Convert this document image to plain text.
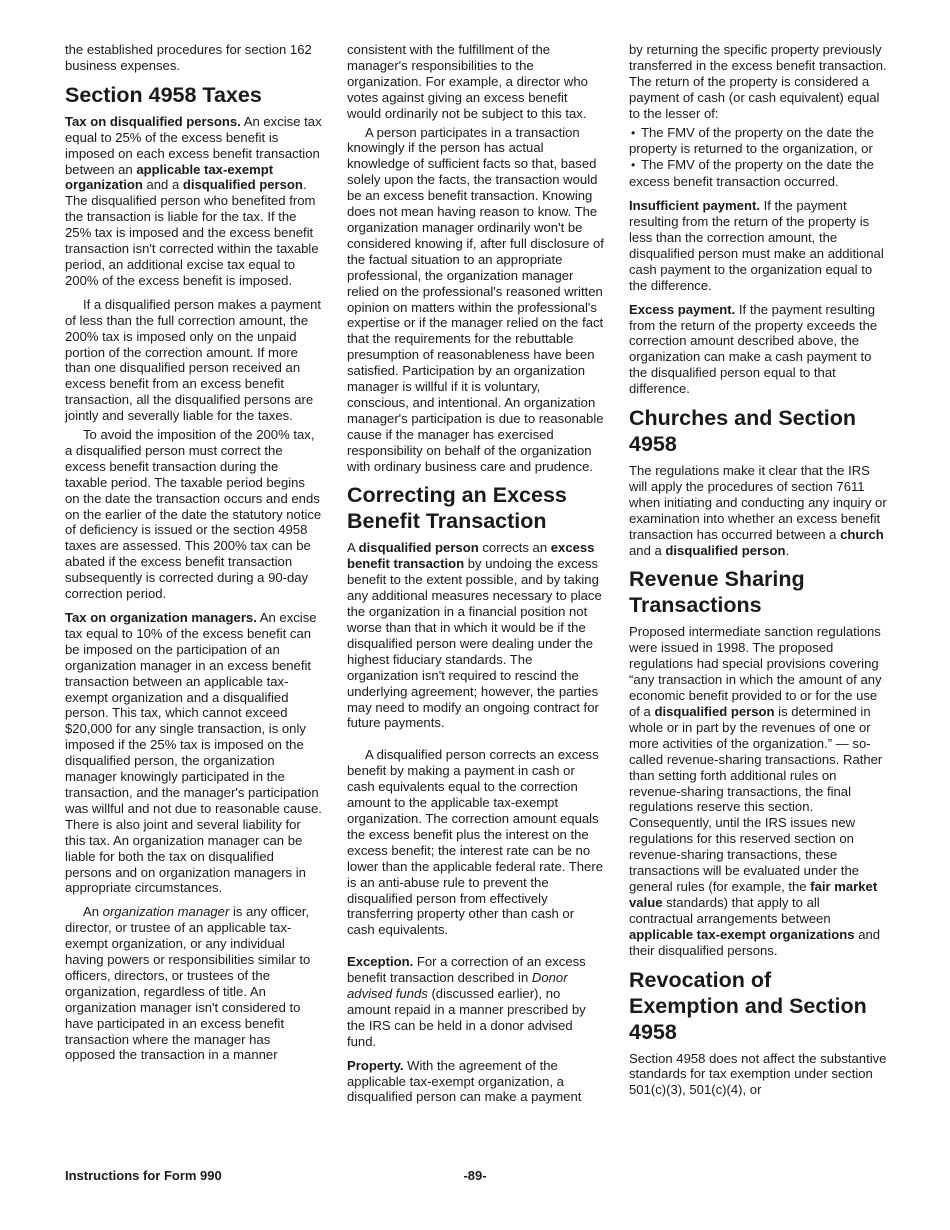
the established procedures for section 162 business expenses.

Section 4958 Taxes

Tax on disqualified persons. An excise tax equal to 25% of the excess benefit is imposed on each excess benefit transaction between an applicable tax-exempt organization and a disqualified person. The disqualified person who benefited from the transaction is liable for the tax. If the 25% tax is imposed and the excess benefit transaction isn't corrected within the taxable period, an additional excise tax equal to 200% of the excess benefit is imposed.

If a disqualified person makes a payment of less than the full correction amount, the 200% tax is imposed only on the unpaid portion of the correction amount. If more than one disqualified person received an excess benefit from an excess benefit transaction, all the disqualified persons are jointly and severally liable for the taxes.

To avoid the imposition of the 200% tax, a disqualified person must correct the excess benefit transaction during the taxable period. The taxable period begins on the date the transaction occurs and ends on the earlier of the date the statutory notice of deficiency is issued or the section 4958 taxes are assessed. This 200% tax can be abated if the excess benefit transaction subsequently is corrected during a 90-day correction period.

Tax on organization managers. An excise tax equal to 10% of the excess benefit can be imposed on the participation of an organization manager in an excess benefit transaction between an applicable tax-exempt organization and a disqualified person. This tax, which cannot exceed $20,000 for any single transaction, is only imposed if the 25% tax is imposed on the disqualified person, the organization manager knowingly participated in the transaction, and the manager's participation was willful and not due to reasonable cause. There is also joint and several liability for this tax. An organization manager can be liable for both the tax on disqualified persons and on organization managers in appropriate circumstances.

An organization manager is any officer, director, or trustee of an applicable tax-exempt organization, or any individual having powers or responsibilities similar to officers, directors, or trustees of the organization, regardless of title. An organization manager isn't considered to have participated in an excess benefit transaction where the manager has opposed the transaction in a manner

consistent with the fulfillment of the manager's responsibilities to the organization. For example, a director who votes against giving an excess benefit would ordinarily not be subject to this tax.

A person participates in a transaction knowingly if the person has actual knowledge of sufficient facts so that, based solely upon the facts, the transaction would be an excess benefit transaction. Knowing does not mean having reason to know. The organization manager ordinarily won't be considered knowing if, after full disclosure of the factual situation to an appropriate professional, the organization manager relied on the professional's reasoned written opinion on matters within the professional's expertise or if the manager relied on the fact that the requirements for the rebuttable presumption of reasonableness have been satisfied. Participation by an organization manager is willful if it is voluntary, conscious, and intentional. An organization manager's participation is due to reasonable cause if the manager has exercised responsibility on behalf of the organization with ordinary business care and prudence.

Correcting an Excess Benefit Transaction

A disqualified person corrects an excess benefit transaction by undoing the excess benefit to the extent possible, and by taking any additional measures necessary to place the organization in a financial position not worse than that in which it would be if the disqualified person were dealing under the highest fiduciary standards. The organization isn't required to rescind the underlying agreement; however, the parties may need to modify an ongoing contract for future payments.

A disqualified person corrects an excess benefit by making a payment in cash or cash equivalents equal to the correction amount to the applicable tax-exempt organization. The correction amount equals the excess benefit plus the interest on the excess benefit; the interest rate can be no lower than the applicable federal rate. There is an anti-abuse rule to prevent the disqualified person from effectively transferring property other than cash or cash equivalents.

Exception. For a correction of an excess benefit transaction described in Donor advised funds (discussed earlier), no amount repaid in a manner prescribed by the IRS can be held in a donor advised fund.

Property. With the agreement of the applicable tax-exempt organization, a disqualified person can make a payment

by returning the specific property previously transferred in the excess benefit transaction. The return of the property is considered a payment of cash (or cash equivalent) equal to the lesser of:

• The FMV of the property on the date the property is returned to the organization, or
• The FMV of the property on the date the excess benefit transaction occurred.

Insufficient payment. If the payment resulting from the return of the property is less than the correction amount, the disqualified person must make an additional cash payment to the organization equal to the difference.

Excess payment. If the payment resulting from the return of the property exceeds the correction amount described above, the organization can make a cash payment to the disqualified person equal to that difference.

Churches and Section 4958

The regulations make it clear that the IRS will apply the procedures of section 7611 when initiating and conducting any inquiry or examination into whether an excess benefit transaction has occurred between a church and a disqualified person.

Revenue Sharing Transactions

Proposed intermediate sanction regulations were issued in 1998. The proposed regulations had special provisions covering “any transaction in which the amount of any economic benefit provided to or for the use of a disqualified person is determined in whole or in part by the revenues of one or more activities of the organization.” — so-called revenue-sharing transactions. Rather than setting forth additional rules on revenue-sharing transactions, the final regulations reserve this section. Consequently, until the IRS issues new regulations for this reserved section on revenue-sharing transactions, these transactions will be evaluated under the general rules (for example, the fair market value standards) that apply to all contractual arrangements between applicable tax-exempt organizations and their disqualified persons.

Revocation of Exemption and Section 4958

Section 4958 does not affect the substantive standards for tax exemption under section 501(c)(3), 501(c)(4), or

Instructions for Form 990	-89-
